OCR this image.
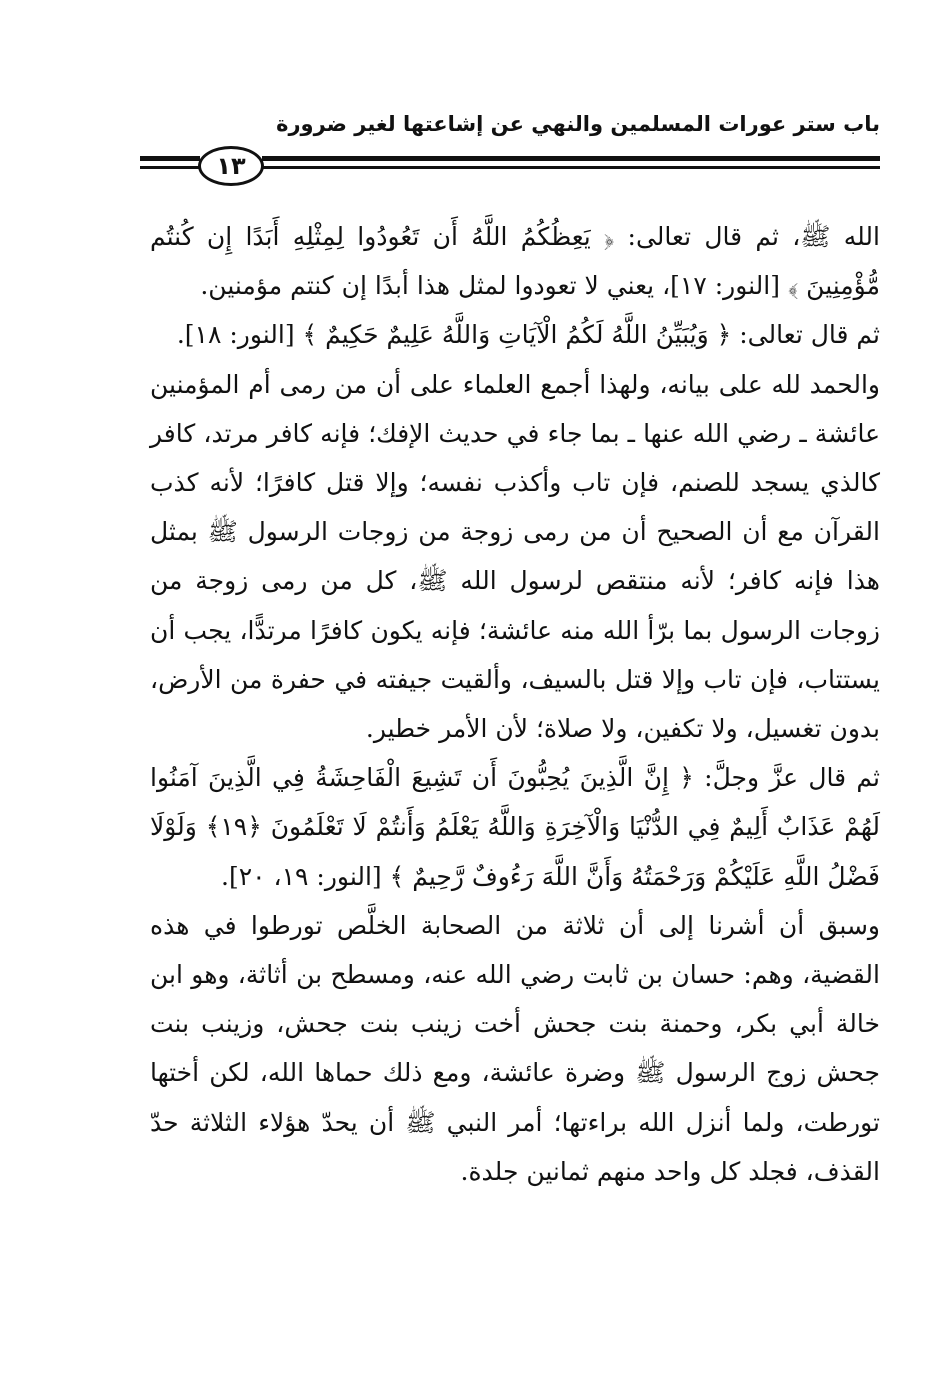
باب ستر عورات المسلمين والنهي عن إشاعتها لغير ضرورة
١٣

الله ﷺ، ثم قال تعالى: ﴿ يَعِظُكُمُ اللَّهُ أَن تَعُودُوا لِمِثْلِهِ أَبَدًا إِن كُنتُم مُّؤْمِنِينَ ﴾ [النور: ١٧]، يعني لا تعودوا لمثل هذا أبدًا إن كنتم مؤمنين.

ثم قال تعالى: ﴿ وَيُبَيِّنُ اللَّهُ لَكُمُ الْآيَاتِ وَاللَّهُ عَلِيمٌ حَكِيمٌ ﴾ [النور: ١٨].

والحمد لله على بيانه، ولهذا أجمع العلماء على أن من رمى أم المؤمنين عائشة ـ رضي الله عنها ـ بما جاء في حديث الإفك؛ فإنه كافر مرتد، كافر كالذي يسجد للصنم، فإن تاب وأكذب نفسه؛ وإلا قتل كافرًا؛ لأنه كذب القرآن مع أن الصحيح أن من رمى زوجة من زوجات الرسول ﷺ بمثل هذا فإنه كافر؛ لأنه منتقص لرسول الله ﷺ، كل من رمى زوجة من زوجات الرسول بما برّأ الله منه عائشة؛ فإنه يكون كافرًا مرتدًّا، يجب أن يستتاب، فإن تاب وإلا قتل بالسيف، وألقيت جيفته في حفرة من الأرض، بدون تغسيل، ولا تكفين، ولا صلاة؛ لأن الأمر خطير.

ثم قال عزَّ وجلَّ: ﴿ إِنَّ الَّذِينَ يُحِبُّونَ أَن تَشِيعَ الْفَاحِشَةُ فِي الَّذِينَ آمَنُوا لَهُمْ عَذَابٌ أَلِيمٌ فِي الدُّنْيَا وَالْآخِرَةِ وَاللَّهُ يَعْلَمُ وَأَنتُمْ لَا تَعْلَمُونَ ﴿١٩﴾ وَلَوْلَا فَضْلُ اللَّهِ عَلَيْكُمْ وَرَحْمَتُهُ وَأَنَّ اللَّهَ رَءُوفٌ رَّحِيمٌ ﴾ [النور: ١٩، ٢٠].

وسبق أن أشرنا إلى أن ثلاثة من الصحابة الخلَّص تورطوا في هذه القضية، وهم: حسان بن ثابت رضي الله عنه، ومسطح بن أثاثة، وهو ابن خالة أبي بكر، وحمنة بنت جحش أخت زينب بنت جحش، وزينب بنت جحش زوج الرسول ﷺ وضرة عائشة، ومع ذلك حماها الله، لكن أختها تورطت، ولما أنزل الله براءتها؛ أمر النبي ﷺ أن يحدّ هؤلاء الثلاثة حدّ القذف، فجلد كل واحد منهم ثمانين جلدة.
